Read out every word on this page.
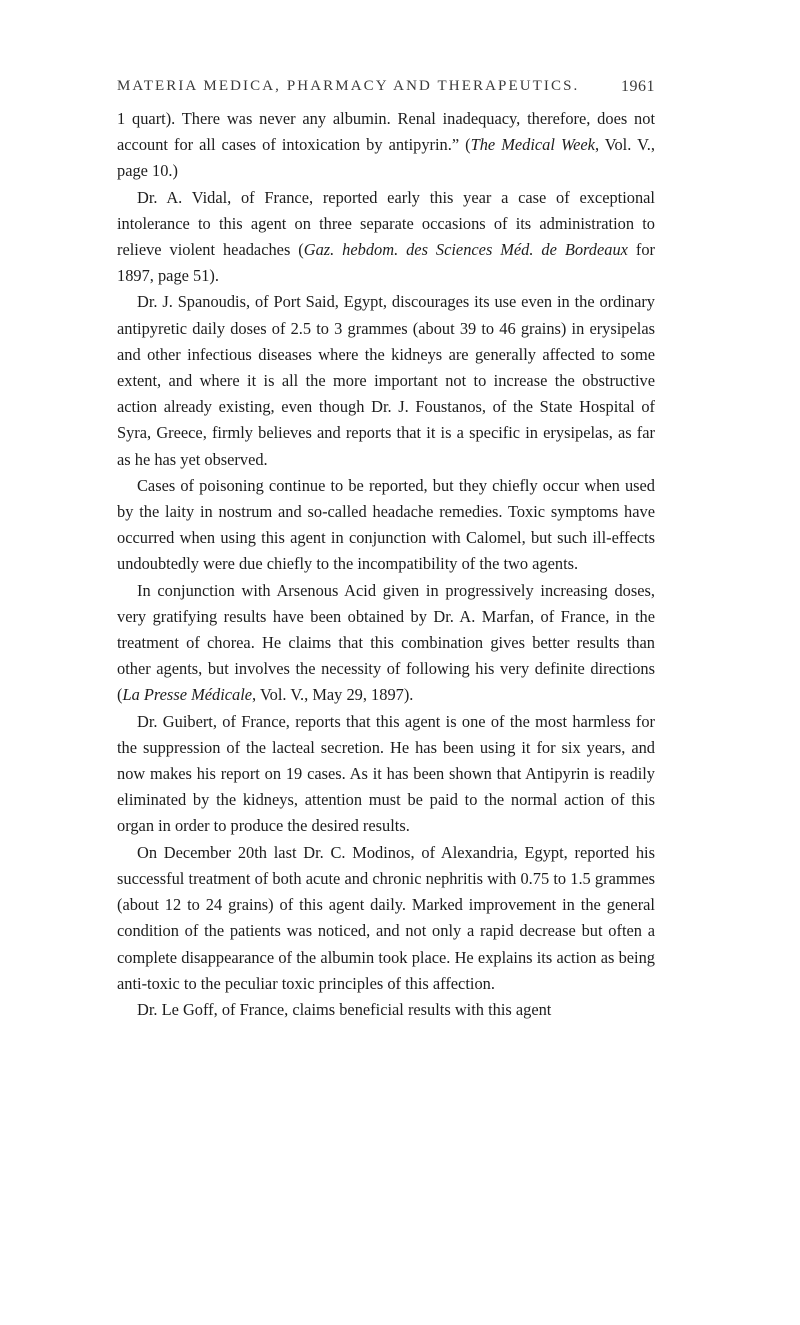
MATERIA MEDICA, PHARMACY AND THERAPEUTICS.	1961

1 quart). There was never any albumin. Renal inadequacy, therefore, does not account for all cases of intoxication by antipyrin.” (The Medical Week, Vol. V., page 10.)

Dr. A. Vidal, of France, reported early this year a case of exceptional intolerance to this agent on three separate occasions of its administration to relieve violent headaches (Gaz. hebdom. des Sciences Méd. de Bordeaux for 1897, page 51).

Dr. J. Spanoudis, of Port Said, Egypt, discourages its use even in the ordinary antipyretic daily doses of 2.5 to 3 grammes (about 39 to 46 grains) in erysipelas and other infectious diseases where the kidneys are generally affected to some extent, and where it is all the more important not to increase the obstructive action already existing, even though Dr. J. Foustanos, of the State Hospital of Syra, Greece, firmly believes and reports that it is a specific in erysipelas, as far as he has yet observed.

Cases of poisoning continue to be reported, but they chiefly occur when used by the laity in nostrum and so-called headache remedies. Toxic symptoms have occurred when using this agent in conjunction with Calomel, but such ill-effects undoubtedly were due chiefly to the incompatibility of the two agents.

In conjunction with Arsenous Acid given in progressively increasing doses, very gratifying results have been obtained by Dr. A. Marfan, of France, in the treatment of chorea. He claims that this combination gives better results than other agents, but involves the necessity of following his very definite directions (La Presse Médicale, Vol. V., May 29, 1897).

Dr. Guibert, of France, reports that this agent is one of the most harmless for the suppression of the lacteal secretion. He has been using it for six years, and now makes his report on 19 cases. As it has been shown that Antipyrin is readily eliminated by the kidneys, attention must be paid to the normal action of this organ in order to produce the desired results.

On December 20th last Dr. C. Modinos, of Alexandria, Egypt, reported his successful treatment of both acute and chronic nephritis with 0.75 to 1.5 grammes (about 12 to 24 grains) of this agent daily. Marked improvement in the general condition of the patients was noticed, and not only a rapid decrease but often a complete disappearance of the albumin took place. He explains its action as being anti-toxic to the peculiar toxic principles of this affection.

Dr. Le Goff, of France, claims beneficial results with this agent
